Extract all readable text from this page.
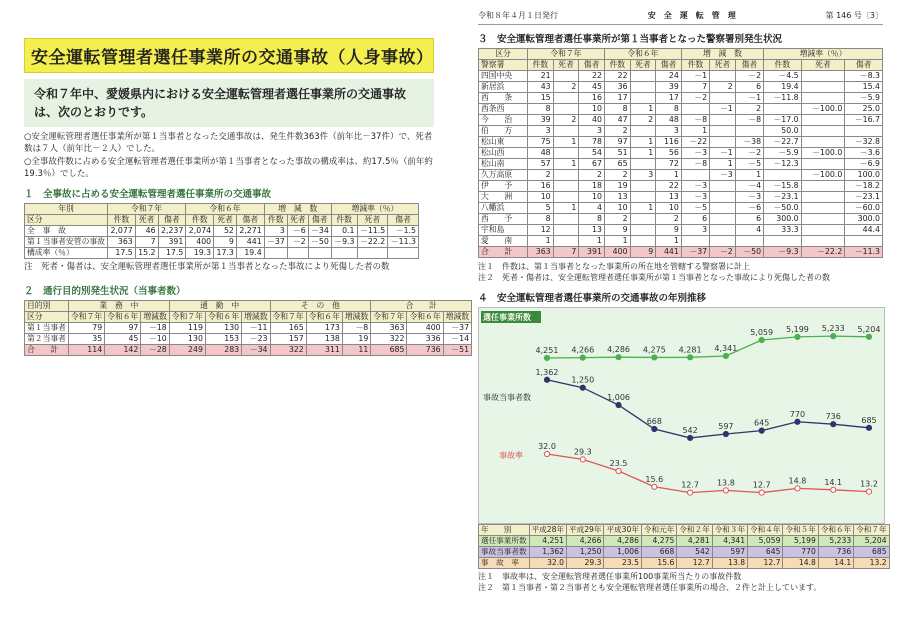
安全運転管理者選任事業所の交通事故（人身事故）
令和７年中、愛媛県内における安全運転管理者選任事業所の交通事故は、次のとおりです。
○安全運転管理者選任事業所が第１当事者となった交通事故は、発生件数363件（前年比－37件）で、死者数は７人（前年比－２人）でした。
○全事故件数に占める安全運転管理者選任事業所が第１当事者となった事故の構成率は、約17.5％（前年約19.3％）でした。
１　全事故に占める安全運転管理者選任事業所の交通事故
年別	令和７年			令和６年			増　減　数			増減率（％）		
区分	件数	死者	傷者	件数	死者	傷者	件数	死者	傷者	件数	死者	傷者
全　事　故	2,077	46	2,237	2,074	52	2,271	3	－6	－34	0.1	－11.5	－1.5
第１当事者安管の事故	363	7	391	400	9	441	－37	－2	－50	－9.3	－22.2	－11.3
構成率（％）	17.5	15.2	17.5	19.3	17.3	19.4						
注　死者・傷者は、安全運転管理者選任事業所が第１当事者となった事故により死傷した者の数
２　通行目的別発生状況（当事者数）
目的別	業　務　中			通　勤　中			そ　の　他			合　　計		
区分	令和７年	令和６年	増減数	令和７年	令和６年	増減数	令和７年	令和６年	増減数	令和７年	令和６年	増減数
第１当事者	79	97	－18	119	130	－11	165	173	－8	363	400	－37
第２当事者	35	45	－10	130	153	－23	157	138	19	322	336	－14
合　　計	114	142	－28	249	283	－34	322	311	11	685	736	－51
令和８年４月１日発行	安　全　運　転　管　理	第 146 号〔3〕
３　安全運転管理者選任事業所が第１当事者となった警察署別発生状況
区分	令和７年			令和６年			増　減　数			増減率（％）		
警察署	件数	死者	傷者	件数	死者	傷者	件数	死者	傷者	件数	死者	傷者
四国中央	21		22	22		24	－1		－2	－4.5		－8.3
新居浜	43	2	45	36		39	7	2	6	19.4		15.4
西　　条	15		16	17		17	－2		－1	－11.8		－5.9
西条西	8		10	8	1	8		－1	2		－100.0	25.0
今　　治	39	2	40	47	2	48	－8		－8	－17.0		－16.7
伯　　方	3		3	2		3	1			50.0		
松山東	75	1	78	97	1	116	－22		－38	－22.7		－32.8
松山西	48		54	51	1	56	－3	－1	－2	－5.9	－100.0	－3.6
松山南	57	1	67	65		72	－8	1	－5	－12.3		－6.9
久万高原	2		2	2	3	1		－3	1		－100.0	100.0
伊　　予	16		18	19		22	－3		－4	－15.8		－18.2
大　　洲	10		10	13		13	－3		－3	－23.1		－23.1
八幡浜	5	1	4	10	1	10	－5		－6	－50.0		－60.0
西　　予	8		8	2		2	6		6	300.0		300.0
宇和島	12		13	9		9	3		4	33.3		44.4
愛　　南	1		1	1		1						
合　　計	363	7	391	400	9	441	－37	－2	－50	－9.3	－22.2	－11.3
注１　件数は、第１当事者となった事業所の所在地を管轄する警察署に計上
注２　死者・傷者は、安全運転管理者選任事業所が第１当事者となった事故により死傷した者の数
４　安全運転管理者選任事業所の交通事故の年別推移
4,251 4,266 4,286 4,275 4,281 4,341
5,059 5,199 5,233 5,204
1,362
1,250
1,006
668
542	597	645
770	736	685
32.0
29.3
23.5
15.6
12.7 13.8 12.7 14.8 14.1 13.2
選任事業所数
事故当事者数
事故率
年　　別	平成28年	平成29年	平成30年	令和元年	令和２年	令和３年	令和４年	令和５年	令和６年	令和７年
選任事業所数	4,251	4,266	4,286	4,275	4,281	4,341	5,059	5,199	5,233	5,204
事故当事者数	1,362	1,250	1,006	668	542	597	645	770	736	685
事　故　率	32.0	29.3	23.5	15.6	12.7	13.8	12.7	14.8	14.1	13.2
注１　事故率は、安全運転管理者選任事業所100事業所当たりの事故件数
注２　第１当事者・第２当事者とも安全運転管理者選任事業所の場合、２件と計上しています。
